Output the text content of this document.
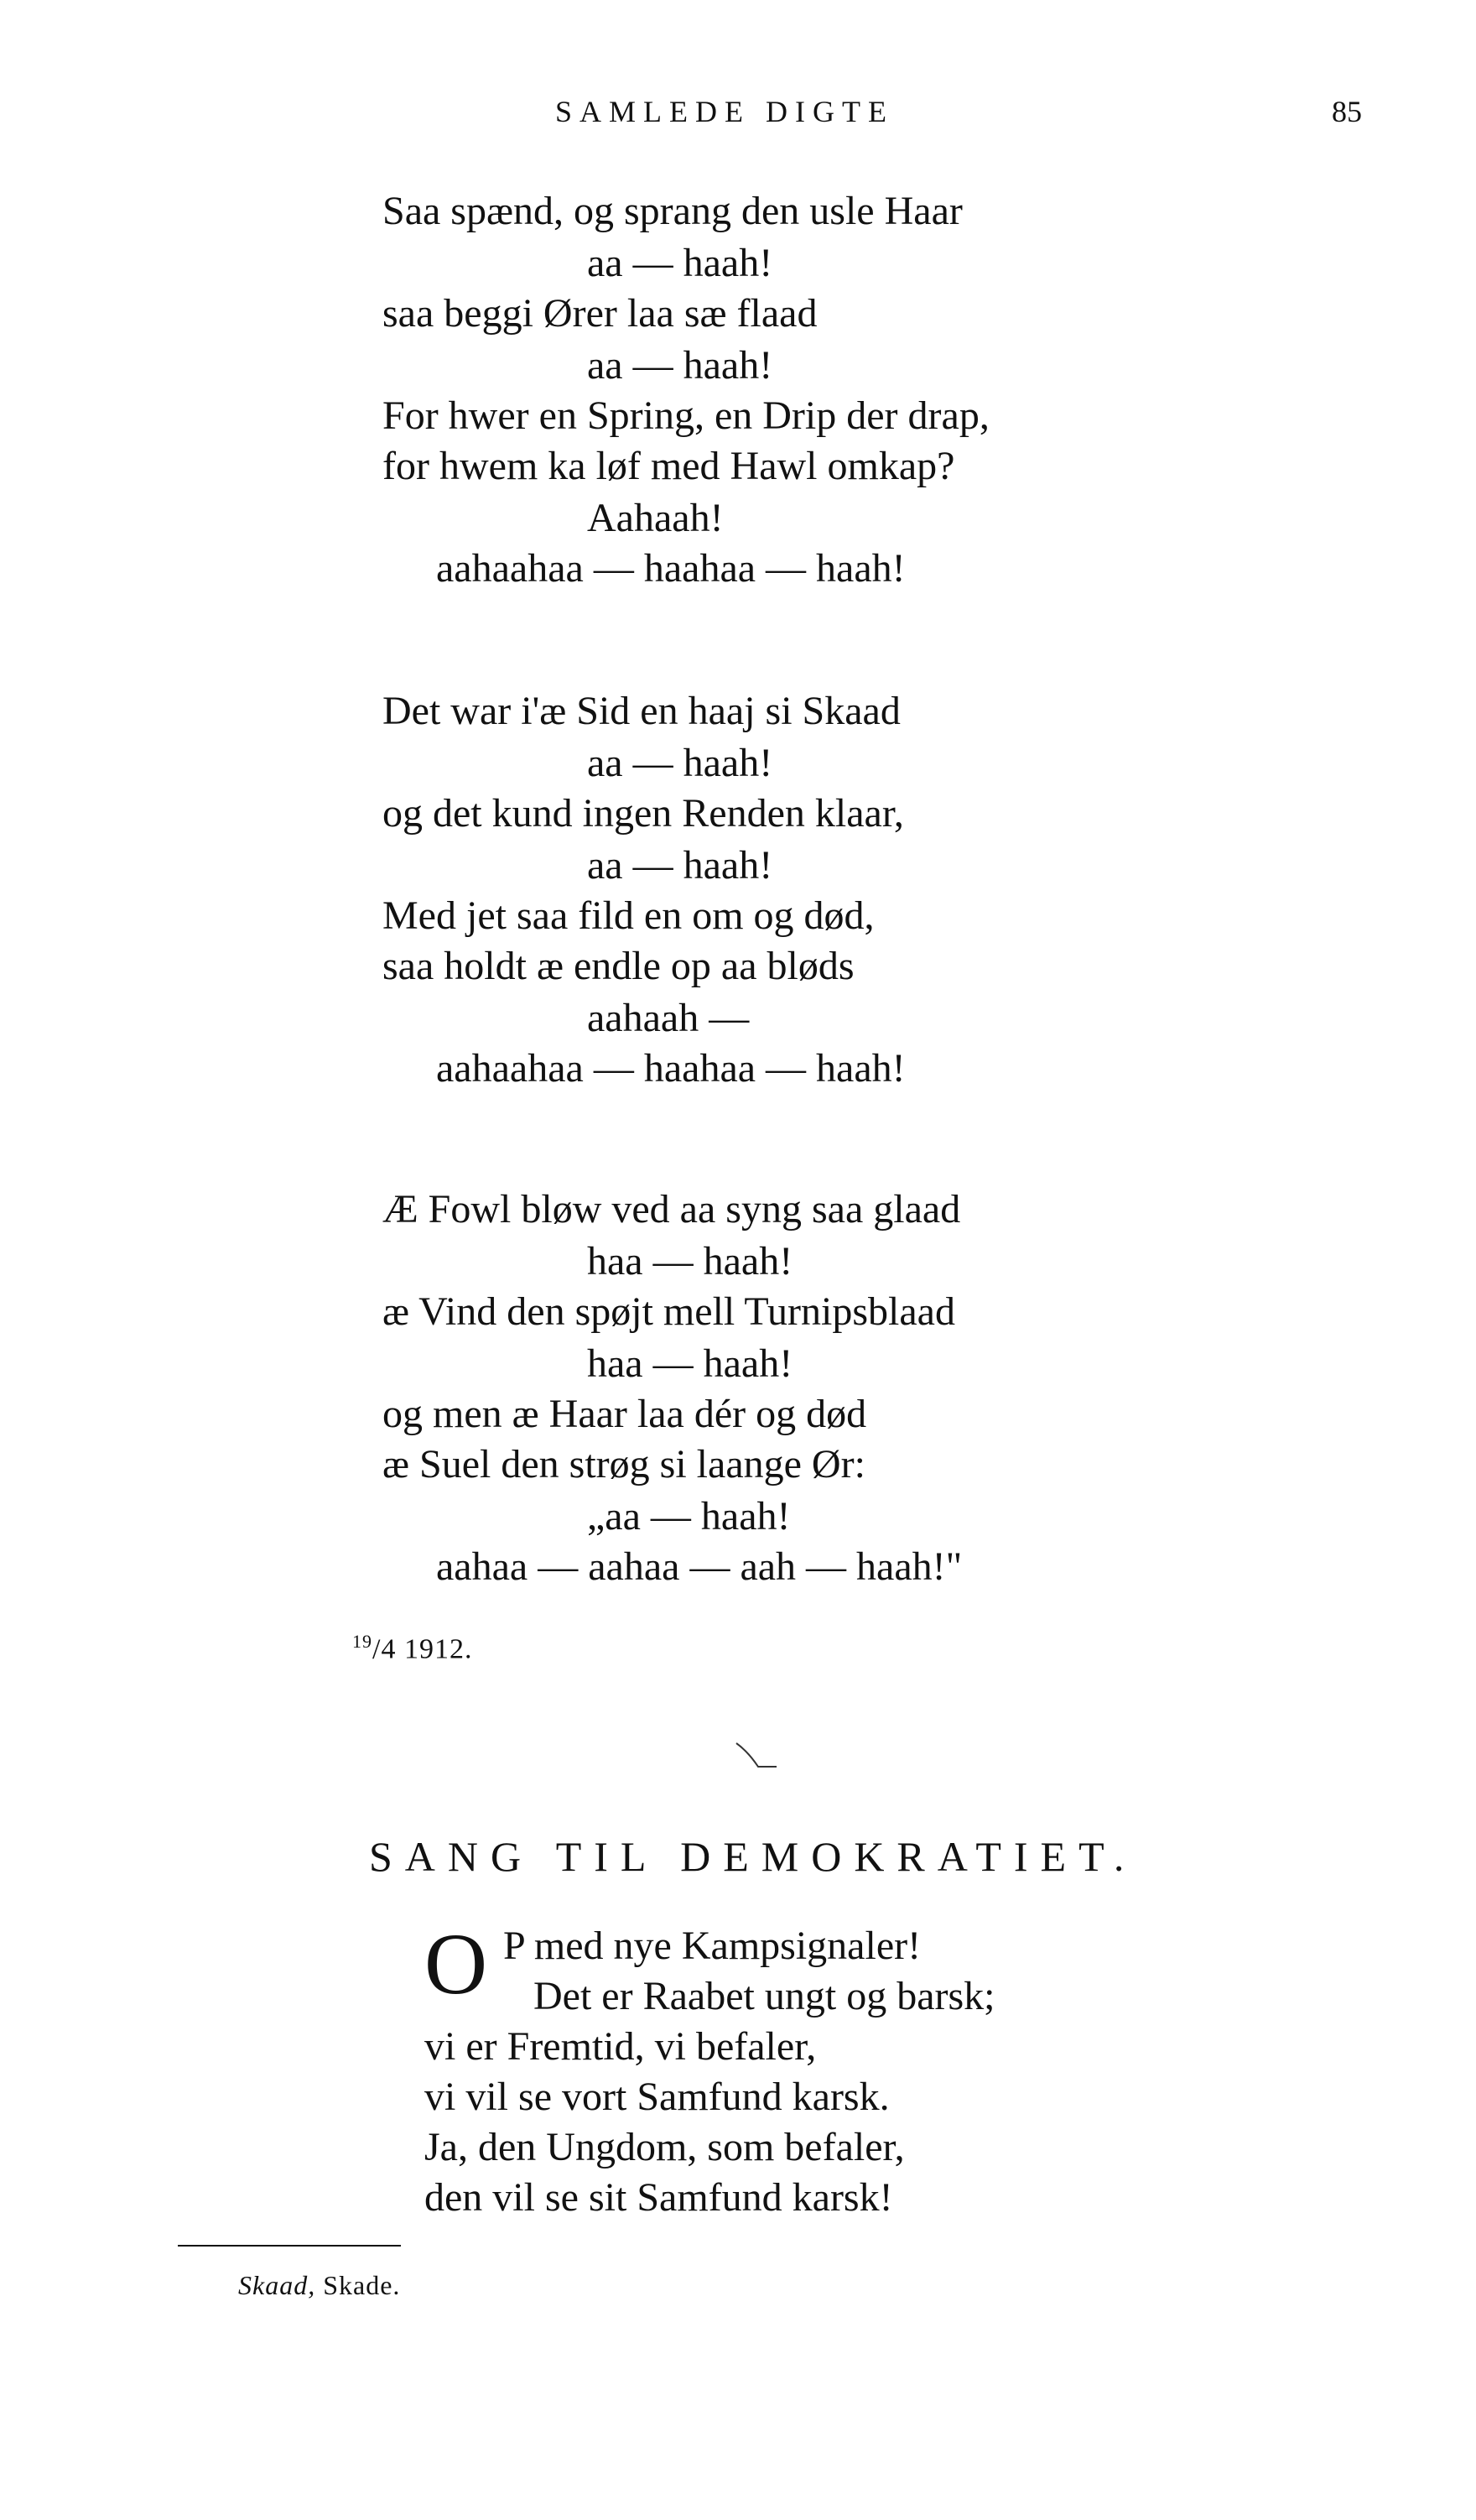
SAMLEDE DIGTE	85
Saa spænd, og sprang den usle Haar
aa — haah!
saa beggi Ører laa sæ flaad
aa — haah!
For hwer en Spring, en Drip der drap,
for hwem ka løf med Hawl omkap?
Aahaah!
aahaahaa — haahaa — haah!
Det war i'æ Sid en haaj si Skaad
aa — haah!
og det kund ingen Renden klaar,
aa — haah!
Med jet saa fild en om og død,
saa holdt æ endle op aa bløds
aahaah —
aahaahaa — haahaa — haah!
Æ Fowl bløw ved aa syng saa glaad
haa — haah!
æ Vind den spøjt mell Turnipsblaad
haa — haah!
og men æ Haar laa dér og død
æ Suel den strøg si laange Ør:
„aa — haah!
aahaa — aahaa — aah — haah!"
$^{19}$/4 1912.
SANG TIL DEMOKRATIET.
O P med nye Kampsignaler!
Det er Raabet ungt og barsk;
vi er Fremtid, vi befaler,
vi vil se vort Samfund karsk.
Ja, den Ungdom, som befaler,
den vil se sit Samfund karsk!
Skaad, Skade.
